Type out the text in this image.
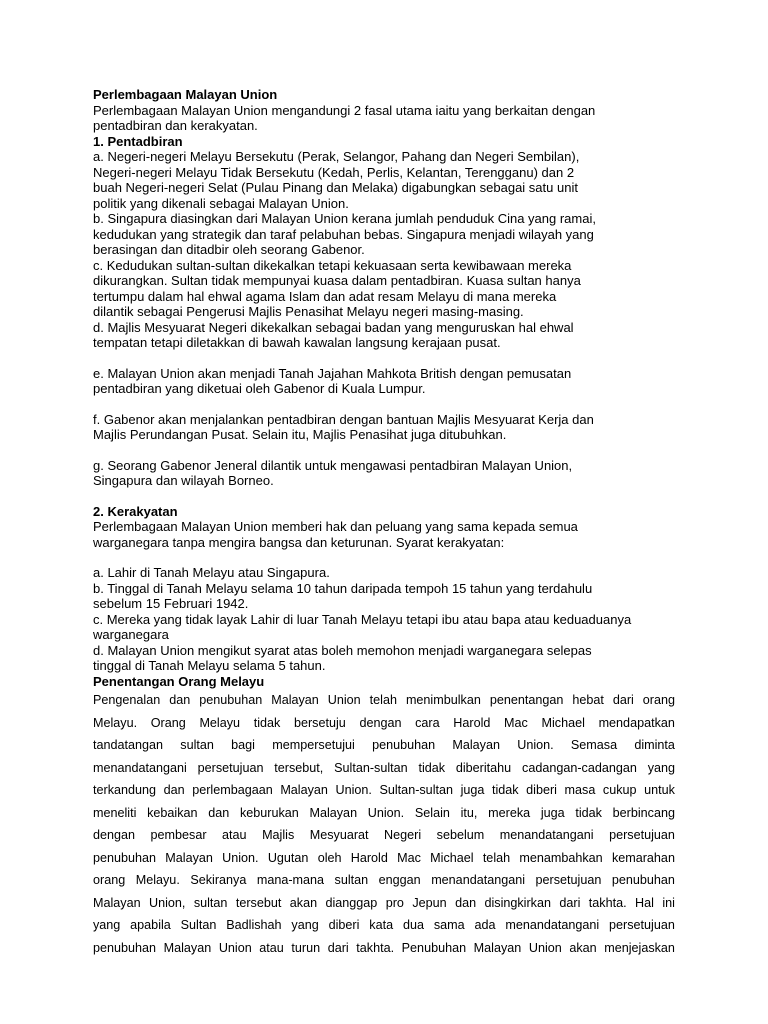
Perlembagaan Malayan Union
Perlembagaan Malayan Union mengandungi 2 fasal utama iaitu yang berkaitan dengan
pentadbiran dan kerakyatan.
1. Pentadbiran
a. Negeri-negeri Melayu Bersekutu (Perak, Selangor, Pahang dan Negeri Sembilan),
Negeri-negeri Melayu Tidak Bersekutu (Kedah, Perlis, Kelantan, Terengganu) dan 2
buah Negeri-negeri Selat (Pulau Pinang dan Melaka) digabungkan sebagai satu unit
politik yang dikenali sebagai Malayan Union.
b. Singapura diasingkan dari Malayan Union kerana jumlah penduduk Cina yang ramai,
kedudukan yang strategik dan taraf pelabuhan bebas. Singapura menjadi wilayah yang
berasingan dan ditadbir oleh seorang Gabenor.
c. Kedudukan sultan-sultan dikekalkan tetapi kekuasaan serta kewibawaan mereka
dikurangkan. Sultan tidak mempunyai kuasa dalam pentadbiran. Kuasa sultan hanya
tertumpu dalam hal ehwal agama Islam dan adat resam Melayu di mana mereka
dilantik sebagai Pengerusi Majlis Penasihat Melayu negeri masing-masing.
d. Majlis Mesyuarat Negeri dikekalkan sebagai badan yang menguruskan hal ehwal
tempatan tetapi diletakkan di bawah kawalan langsung kerajaan pusat.
e. Malayan Union akan menjadi Tanah Jajahan Mahkota British dengan pemusatan
pentadbiran yang diketuai oleh Gabenor di Kuala Lumpur.
f. Gabenor akan menjalankan pentadbiran dengan bantuan Majlis Mesyuarat Kerja dan
Majlis Perundangan Pusat. Selain itu, Majlis Penasihat juga ditubuhkan.
g. Seorang Gabenor Jeneral dilantik untuk mengawasi pentadbiran Malayan Union,
Singapura dan wilayah Borneo.
2. Kerakyatan
Perlembagaan Malayan Union memberi hak dan peluang yang sama kepada semua
warganegara tanpa mengira bangsa dan keturunan. Syarat kerakyatan:
a. Lahir di Tanah Melayu atau Singapura.
b. Tinggal di Tanah Melayu selama 10 tahun daripada tempoh 15 tahun yang terdahulu
sebelum 15 Februari 1942.
c. Mereka yang tidak layak Lahir di luar Tanah Melayu tetapi ibu atau bapa atau keduaduanya
warganegara
d. Malayan Union mengikut syarat atas boleh memohon menjadi warganegara selepas
tinggal di Tanah Melayu selama 5 tahun.
Penentangan Orang Melayu
Pengenalan dan penubuhan Malayan Union telah menimbulkan penentangan hebat dari orang
Melayu. Orang Melayu tidak bersetuju dengan cara Harold Mac Michael mendapatkan
tandatangan sultan bagi mempersetujui penubuhan Malayan Union. Semasa diminta
menandatangani persetujuan tersebut, Sultan-sultan tidak diberitahu cadangan-cadangan yang
terkandung dan perlembagaan Malayan Union. Sultan-sultan juga tidak diberi masa cukup untuk
meneliti kebaikan dan keburukan Malayan Union. Selain itu, mereka juga tidak berbincang
dengan pembesar atau Majlis Mesyuarat Negeri sebelum menandatangani persetujuan
penubuhan Malayan Union. Ugutan oleh Harold Mac Michael telah menambahkan kemarahan
orang Melayu. Sekiranya mana-mana sultan enggan menandatangani persetujuan penubuhan
Malayan Union, sultan tersebut akan dianggap pro Jepun dan disingkirkan dari takhta. Hal ini
yang apabila Sultan Badlishah yang diberi kata dua sama ada menandatangani persetujuan
penubuhan Malayan Union atau turun dari takhta. Penubuhan Malayan Union akan menjejaskan
